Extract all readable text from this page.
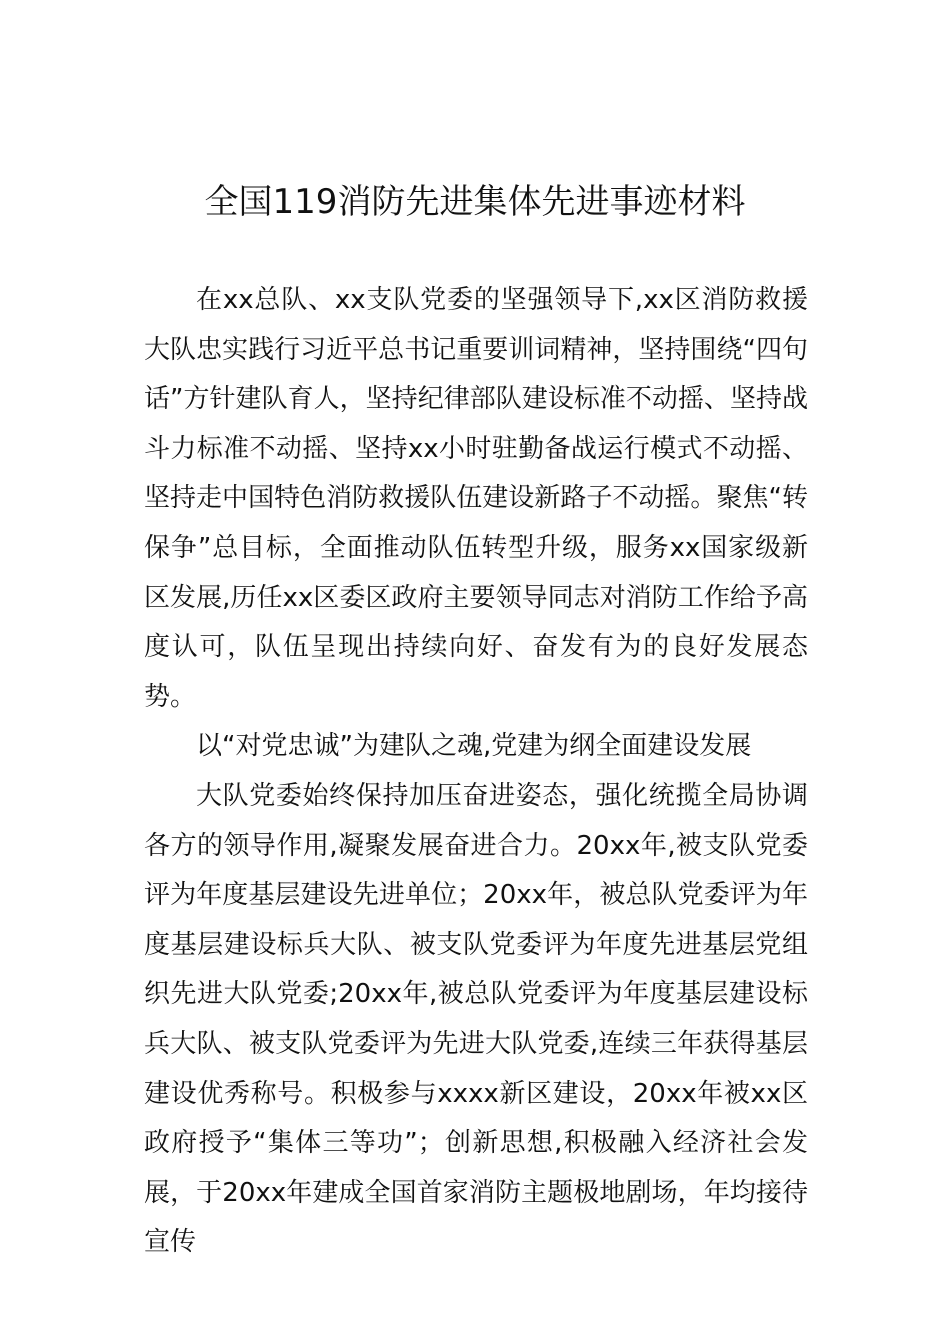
全国119消防先进集体先进事迹材料

在xx总队、xx支队党委的坚强领导下,xx区消防救援大队忠实践行习近平总书记重要训词精神，坚持围绕“四句话”方针建队育人，坚持纪律部队建设标准不动摇、坚持战斗力标准不动摇、坚持xx小时驻勤备战运行模式不动摇、坚持走中国特色消防救援队伍建设新路子不动摇。聚焦“转保争”总目标，全面推动队伍转型升级，服务xx国家级新区发展,历任xx区委区政府主要领导同志对消防工作给予高度认可，队伍呈现出持续向好、奋发有为的良好发展态势。

以“对党忠诚”为建队之魂,党建为纲全面建设发展

大队党委始终保持加压奋进姿态，强化统揽全局协调各方的领导作用,凝聚发展奋进合力。20xx年,被支队党委评为年度基层建设先进单位；20xx年，被总队党委评为年度基层建设标兵大队、被支队党委评为年度先进基层党组织先进大队党委;20xx年,被总队党委评为年度基层建设标兵大队、被支队党委评为先进大队党委,连续三年获得基层建设优秀称号。积极参与xxxx新区建设，20xx年被xx区政府授予“集体三等功”；创新思想,积极融入经济社会发展，于20xx年建成全国首家消防主题极地剧场，年均接待宣传
